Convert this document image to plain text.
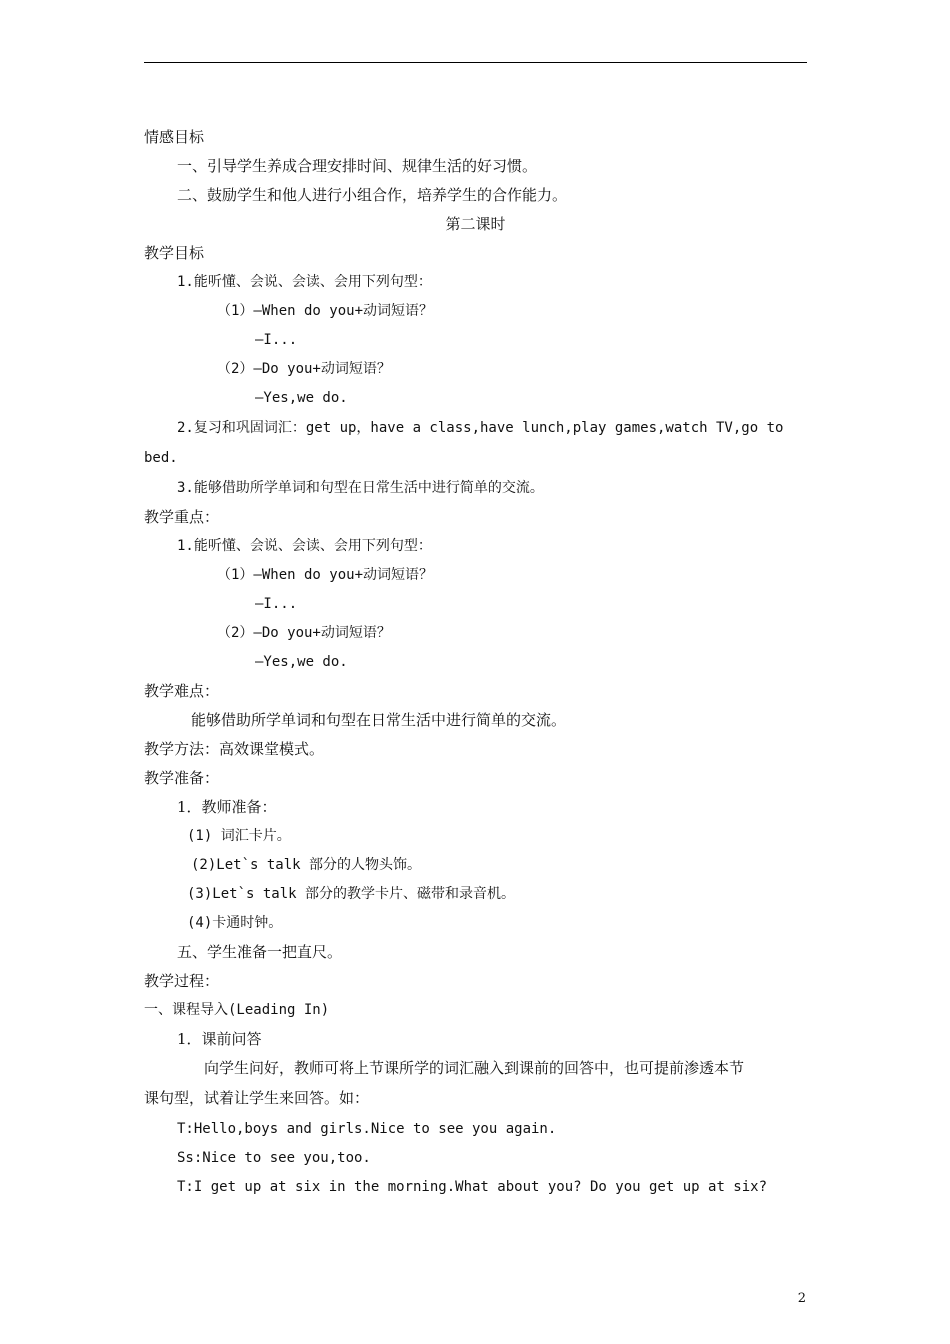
情感目标
一、引导学生养成合理安排时间、规律生活的好习惯。
二、鼓励学生和他人进行小组合作，培养学生的合作能力。
第二课时
教学目标
1.能听懂、会说、会读、会用下列句型：
（1）—When do you+动词短语？
—I...
（2）—Do you+动词短语？
—Yes,we do.
2.复习和巩固词汇：get up，have a class,have lunch,play games,watch TV,go to
bed.
3.能够借助所学单词和句型在日常生活中进行简单的交流。
教学重点：
1.能听懂、会说、会读、会用下列句型：
（1）—When do you+动词短语？
—I...
（2）—Do you+动词短语？
—Yes,we do.
教学难点：
能够借助所学单词和句型在日常生活中进行简单的交流。
教学方法：高效课堂模式。
教学准备：
1．教师准备：
(1) 词汇卡片。
(2)Let`s talk 部分的人物头饰。
(3)Let`s talk 部分的教学卡片、磁带和录音机。
(4)卡通时钟。
五、学生准备一把直尺。
教学过程：
一、课程导入(Leading In)
1．课前问答
向学生问好，教师可将上节课所学的词汇融入到课前的回答中，也可提前渗透本节
课句型，试着让学生来回答。如：
T:Hello,boys and girls.Nice to see you again.
Ss:Nice to see you,too.
T:I get up at six in the morning.What about you? Do you get up at six?
2
